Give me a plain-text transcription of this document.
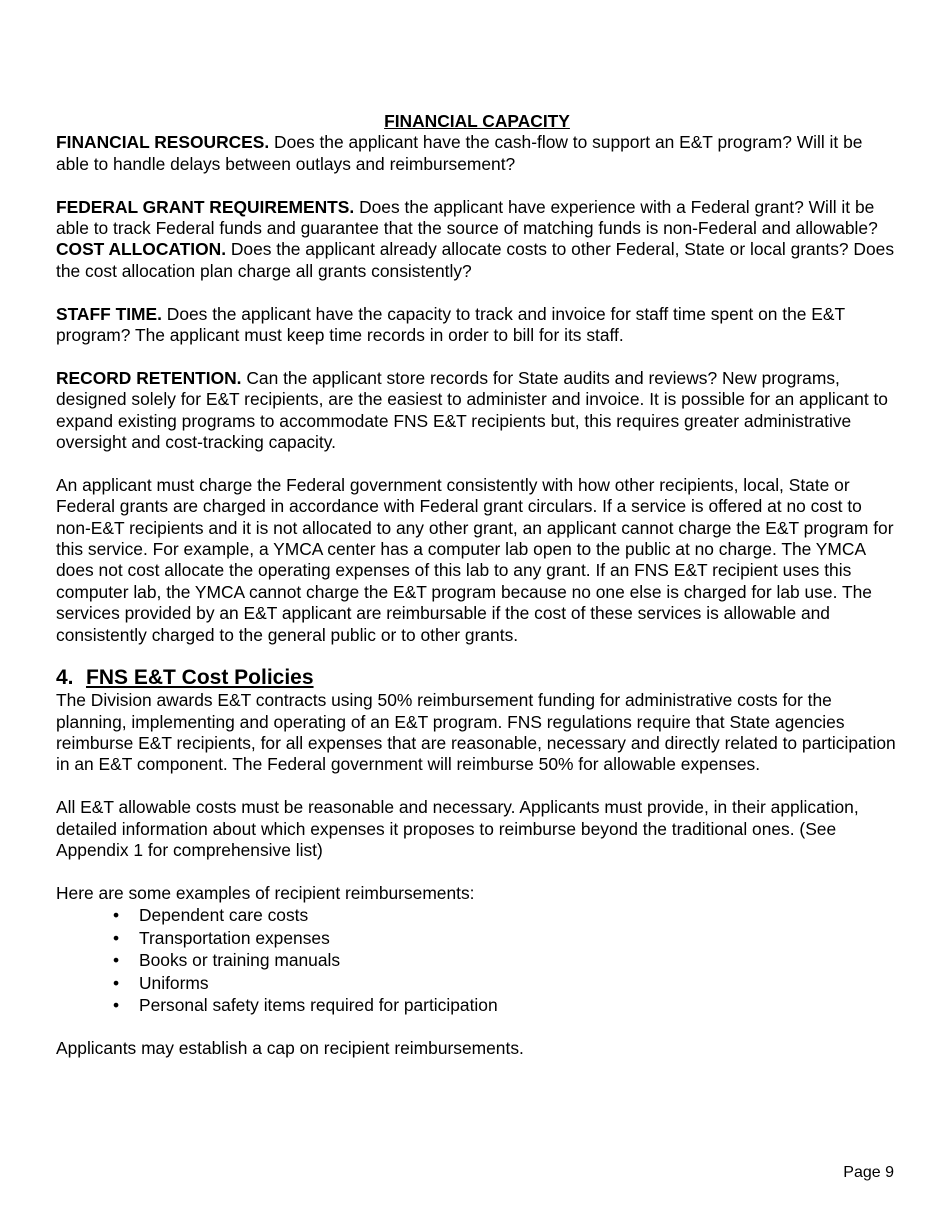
FINANCIAL CAPACITY

FINANCIAL RESOURCES. Does the applicant have the cash-flow to support an E&T program? Will it be able to handle delays between outlays and reimbursement?

FEDERAL GRANT REQUIREMENTS. Does the applicant have experience with a Federal grant? Will it be able to track Federal funds and guarantee that the source of matching funds is non-Federal and allowable?

COST ALLOCATION. Does the applicant already allocate costs to other Federal, State or local grants? Does the cost allocation plan charge all grants consistently?

STAFF TIME. Does the applicant have the capacity to track and invoice for staff time spent on the E&T program? The applicant must keep time records in order to bill for its staff.

RECORD RETENTION. Can the applicant store records for State audits and reviews? New programs, designed solely for E&T recipients, are the easiest to administer and invoice. It is possible for an applicant to expand existing programs to accommodate FNS E&T recipients but, this requires greater administrative oversight and cost-tracking capacity.

An applicant must charge the Federal government consistently with how other recipients, local, State or Federal grants are charged in accordance with Federal grant circulars. If a service is offered at no cost to non-E&T recipients and it is not allocated to any other grant, an applicant cannot charge the E&T program for this service. For example, a YMCA center has a computer lab open to the public at no charge. The YMCA does not cost allocate the operating expenses of this lab to any grant. If an FNS E&T recipient uses this computer lab, the YMCA cannot charge the E&T program because no one else is charged for lab use. The services provided by an E&T applicant are reimbursable if the cost of these services is allowable and consistently charged to the general public or to other grants.

4. FNS E&T Cost Policies

The Division awards E&T contracts using 50% reimbursement funding for administrative costs for the planning, implementing and operating of an E&T program. FNS regulations require that State agencies reimburse E&T recipients, for all expenses that are reasonable, necessary and directly related to participation in an E&T component. The Federal government will reimburse 50% for allowable expenses.

All E&T allowable costs must be reasonable and necessary. Applicants must provide, in their application, detailed information about which expenses it proposes to reimburse beyond the traditional ones. (See Appendix 1 for comprehensive list)

Here are some examples of recipient reimbursements:

• Dependent care costs
• Transportation expenses
• Books or training manuals
• Uniforms
• Personal safety items required for participation

Applicants may establish a cap on recipient reimbursements.

Page 9
